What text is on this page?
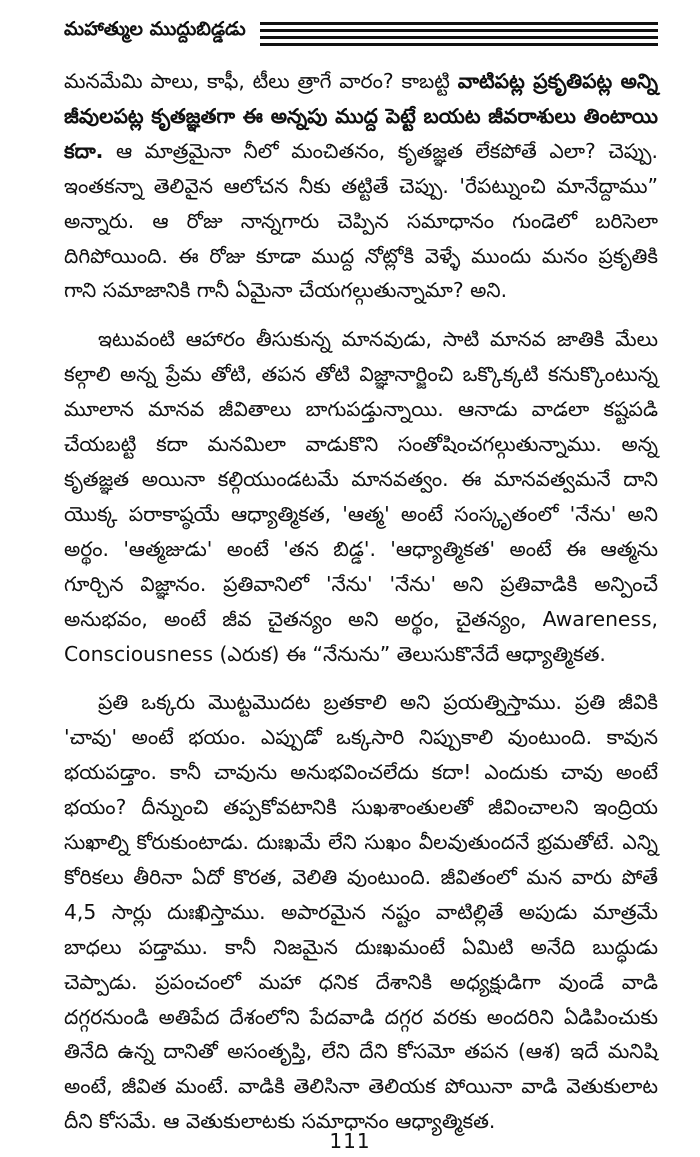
మహాత్ముల ముద్దుబిడ్డడు

మనమేమి పాలు, కాఫీ, టీలు త్రాగే వారం? కాబట్టి వాటిపట్ల ప్రకృతిపట్ల అన్ని జీవులపట్ల కృతజ్ఞతగా ఈ అన్నపు ముద్ద పెట్టే బయట జీవరాశులు తింటాయి కదా. ఆ మాత్రమైనా నీలో మంచితనం, కృతజ్ఞత లేకపోతే ఎలా? చెప్పు. ఇంతకన్నా తెలివైన ఆలోచన నీకు తట్టితే చెప్పు. 'రేపట్నుంచి మానేద్దాము” అన్నారు. ఆ రోజు నాన్నగారు చెప్పిన సమాధానం గుండెలో బరిసెలా దిగిపోయింది. ఈ రోజు కూడా ముద్ద నోట్లోకి వెళ్ళే ముందు మనం ప్రకృతికి గాని సమాజానికి గానీ ఏమైనా చేయగల్గుతున్నామా? అని.

ఇటువంటి ఆహారం తీసుకున్న మానవుడు, సాటి మానవ జాతికి మేలు కల్గాలి అన్న ప్రేమ తోటి, తపన తోటి విజ్ఞానార్జించి ఒక్కొక్కటి కనుక్కొంటున్న మూలాన మానవ జీవితాలు బాగుపడ్తున్నాయి. ఆనాడు వాడలా కష్టపడి చేయబట్టి కదా మనమిలా వాడుకొని సంతోషించగల్గుతున్నాము. అన్న కృతజ్ఞత అయినా కల్గియుండటమే మానవత్వం. ఈ మానవత్వమనే దాని యొక్క పరాకాష్ఠయే ఆధ్యాత్మికత, 'ఆత్మ' అంటే సంస్కృతంలో 'నేను' అని అర్థం. 'ఆత్మజుడు' అంటే 'తన బిడ్డ'. 'ఆధ్యాత్మికత' అంటే ఈ ఆత్మను గూర్చిన విజ్ఞానం. ప్రతివానిలో 'నేను' 'నేను' అని ప్రతివాడికి అన్పించే అనుభవం, అంటే జీవ చైతన్యం అని అర్థం, చైతన్యం, Awareness, Consciousness (ఎరుక) ఈ “నేనును” తెలుసుకొనేదే ఆధ్యాత్మికత.

ప్రతి ఒక్కరు మొట్టమొదట బ్రతకాలి అని ప్రయత్నిస్తాము. ప్రతి జీవికి 'చావు' అంటే భయం. ఎప్పుడో ఒక్కసారి నిప్పుకాలి వుంటుంది. కావున భయపడ్తాం. కానీ చావును అనుభవించలేదు కదా! ఎందుకు చావు అంటే భయం? దీన్నుంచి తప్పకోవటానికి సుఖశాంతులతో జీవించాలని ఇంద్రియ సుఖాల్ని కోరుకుంటాడు. దుఃఖమే లేని సుఖం వీలవుతుందనే భ్రమతోటే. ఎన్ని కోరికలు తీరినా ఏదో కొరత, వెలితి వుంటుంది. జీవితంలో మన వారు పోతే 4,5 సార్లు దుఃఖిస్తాము. అపారమైన నష్టం వాటిల్లితే అపుడు మాత్రమే బాధలు పడ్తాము. కానీ నిజమైన దుఃఖమంటే ఏమిటి అనేది బుద్ధుడు చెప్పాడు. ప్రపంచంలో మహా ధనిక దేశానికి అధ్యక్షుడిగా వుండే వాడి దగ్గరనుండి అతిపేద దేశంలోని పేదవాడి దగ్గర వరకు అందరిని ఏడిపించుకు తినేది ఉన్న దానితో అసంతృప్తి, లేని దేని కోసమో తపన (ఆశ) ఇదే మనిషి అంటే, జీవిత మంటే. వాడికి తెలిసినా తెలియక పోయినా వాడి వెతుకులాట దీని కోసమే. ఆ వెతుకులాటకు సమాధానం ఆధ్యాత్మికత.

111
